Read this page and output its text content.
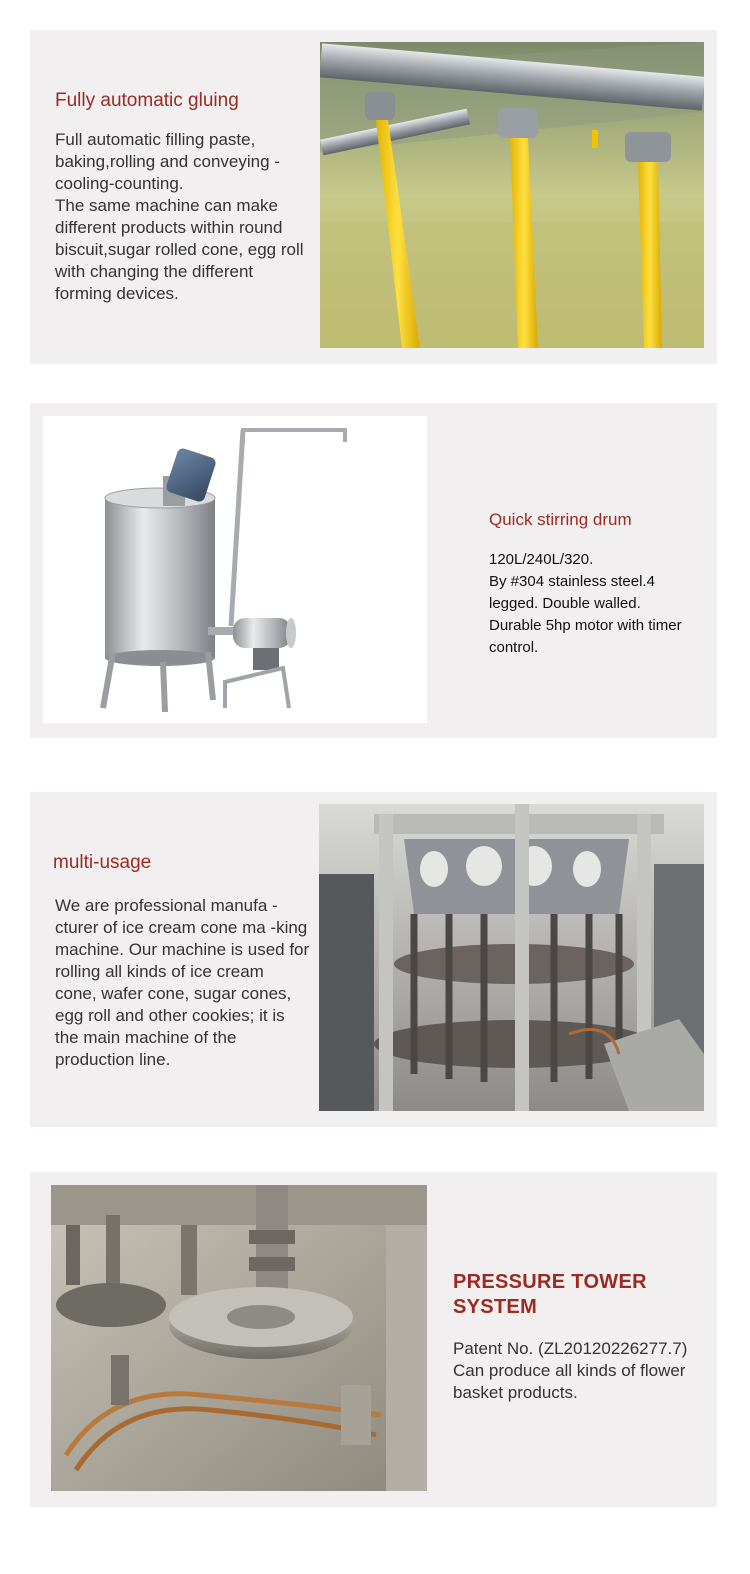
Fully automatic gluing

Full automatic filling paste, baking,rolling and conveying -cooling-counting.
The same machine can make different products within round biscuit,sugar rolled cone, egg roll with changing the different forming devices.

Quick stirring drum

120L/240L/320.
By #304 stainless steel.4 legged. Double walled. Durable 5hp motor with timer control.

multi-usage

We are professional manufa -cturer of ice cream cone ma -king machine. Our machine is used for rolling all kinds of ice cream cone, wafer cone, sugar cones, egg roll and other cookies; it is the main machine of the production line.

PRESSURE TOWER SYSTEM

Patent No. (ZL20120226277.7) Can produce all kinds of flower basket products.
